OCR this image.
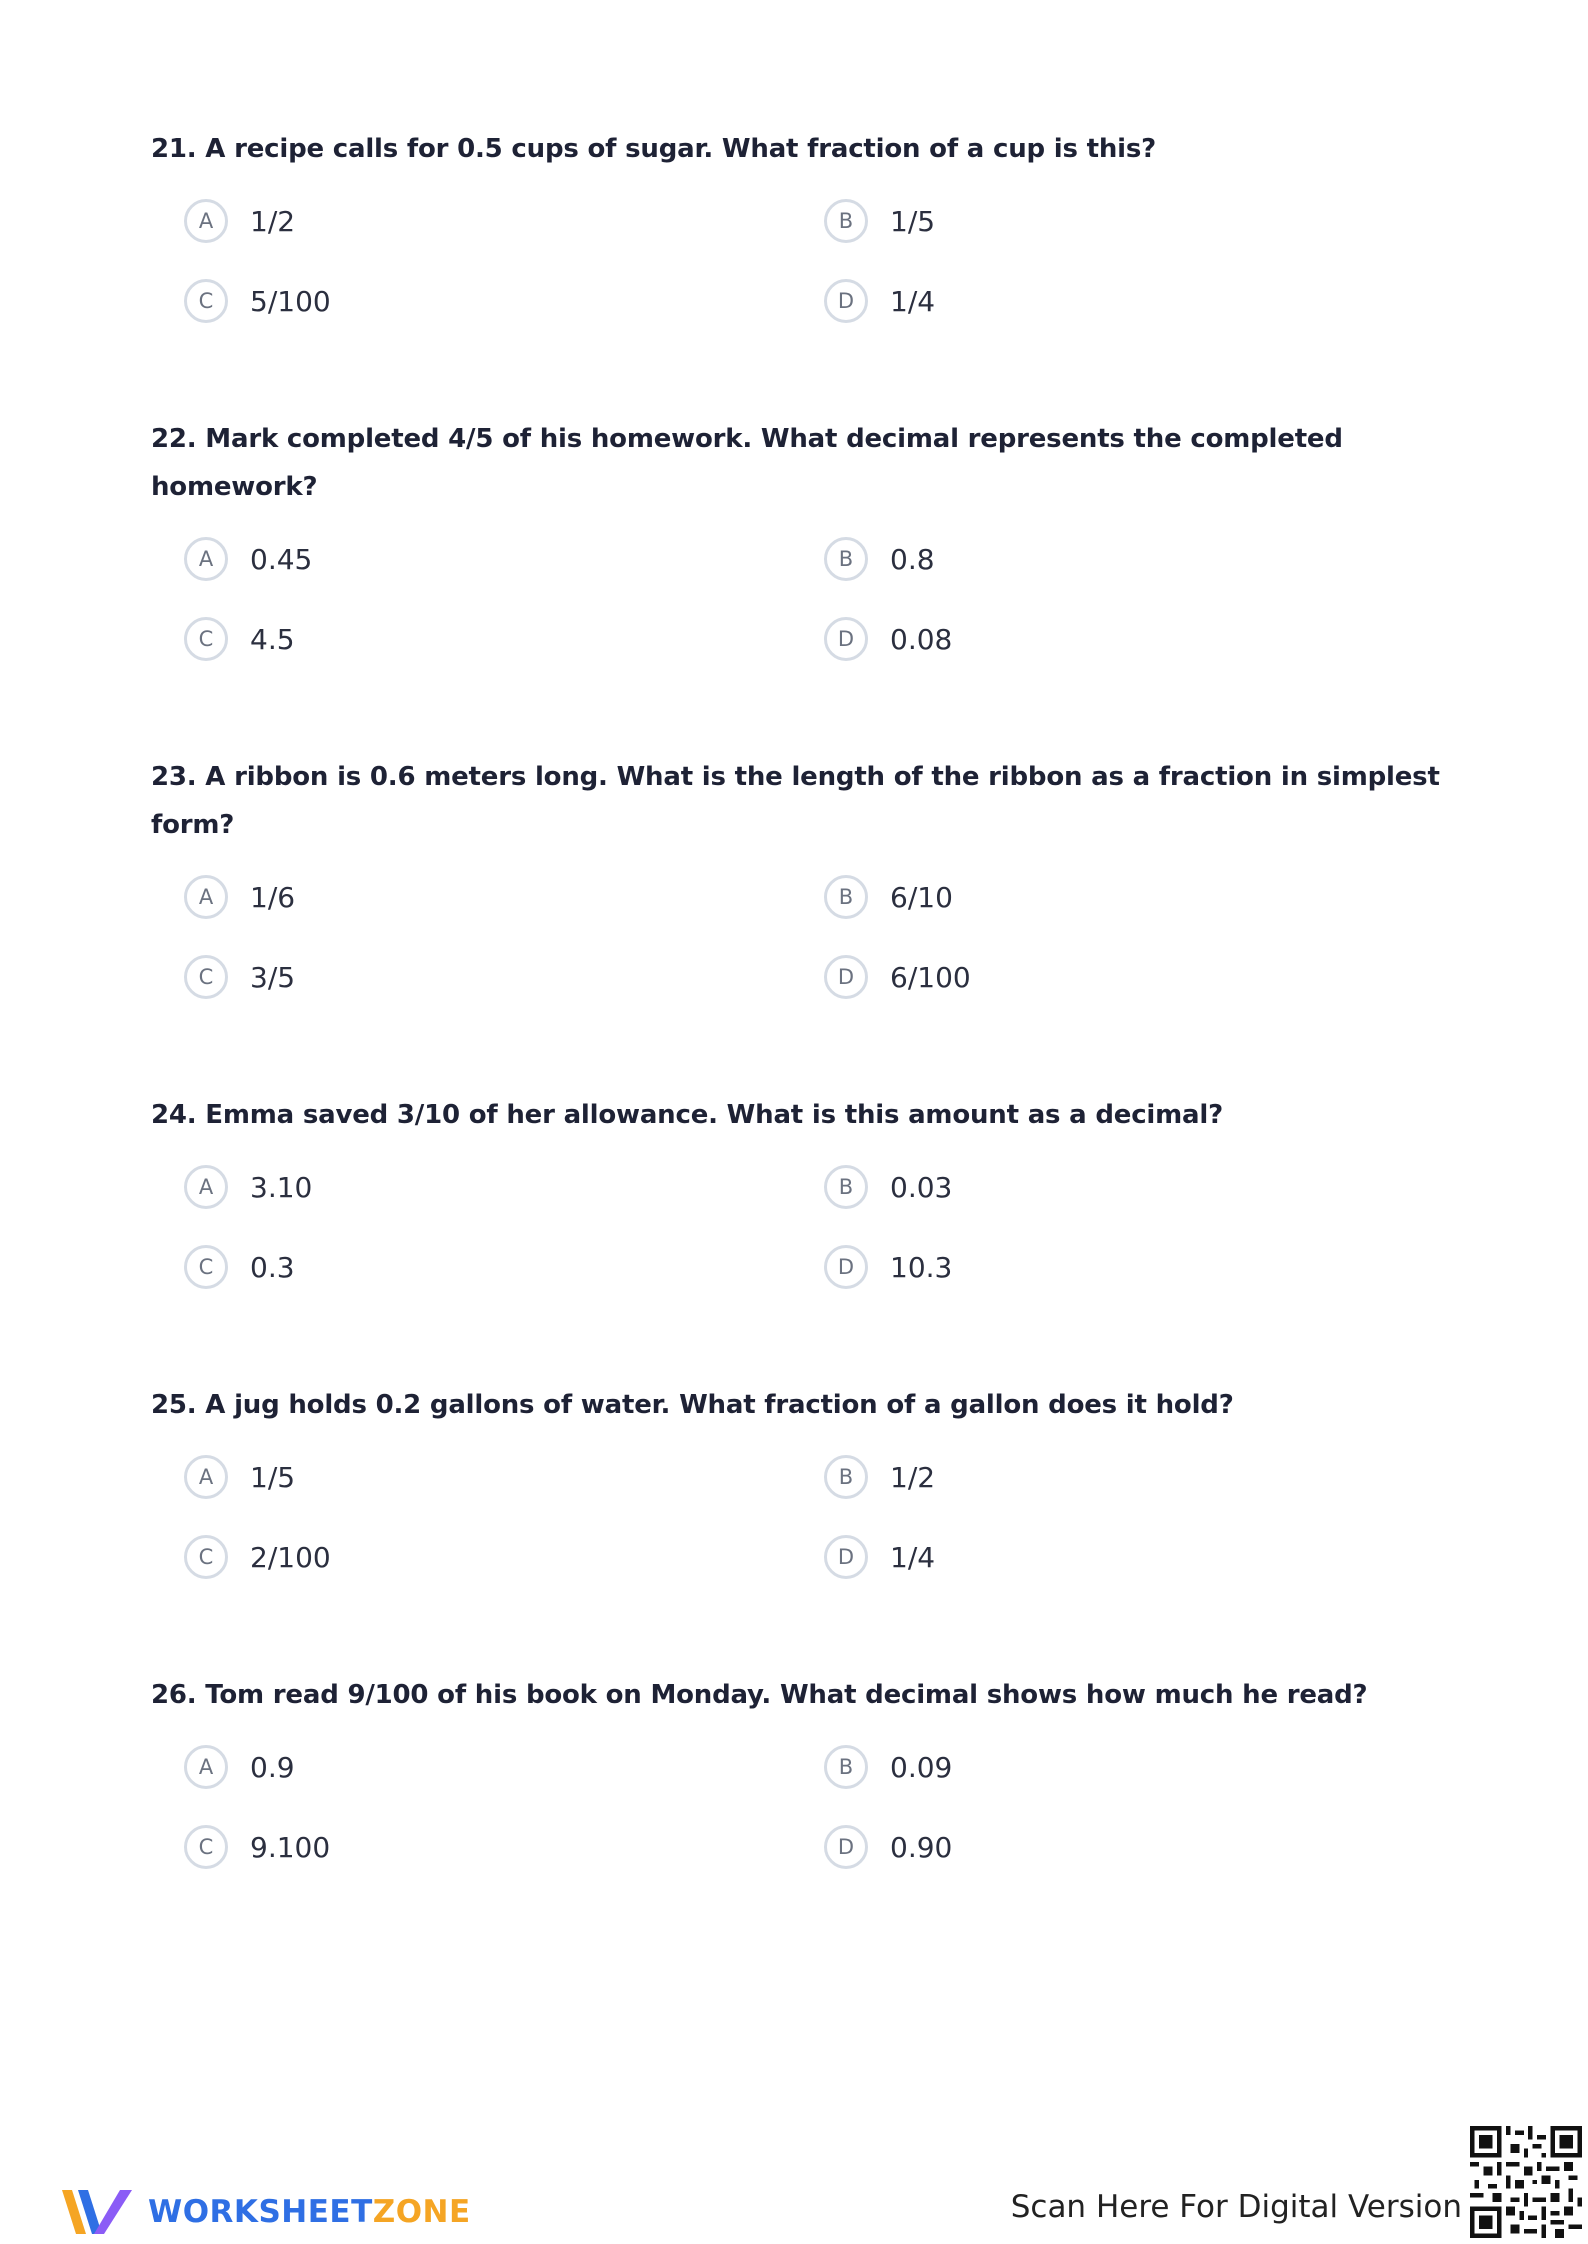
21. A recipe calls for 0.5 cups of sugar. What fraction of a cup is this?

A	1/2	B	1/5
C	5/100	D	1/4

22. Mark completed 4/5 of his homework. What decimal represents the completed homework?

A	0.45	B	0.8
C	4.5	D	0.08

23. A ribbon is 0.6 meters long. What is the length of the ribbon as a fraction in simplest form?

A	1/6	B	6/10
C	3/5	D	6/100

24. Emma saved 3/10 of her allowance. What is this amount as a decimal?

A	3.10	B	0.03
C	0.3	D	10.3

25. A jug holds 0.2 gallons of water. What fraction of a gallon does it hold?

A	1/5	B	1/2
C	2/100	D	1/4

26. Tom read 9/100 of his book on Monday. What decimal shows how much he read?

A	0.9	B	0.09
C	9.100	D	0.90
WORKSHEETZONE	Scan Here For Digital Version
